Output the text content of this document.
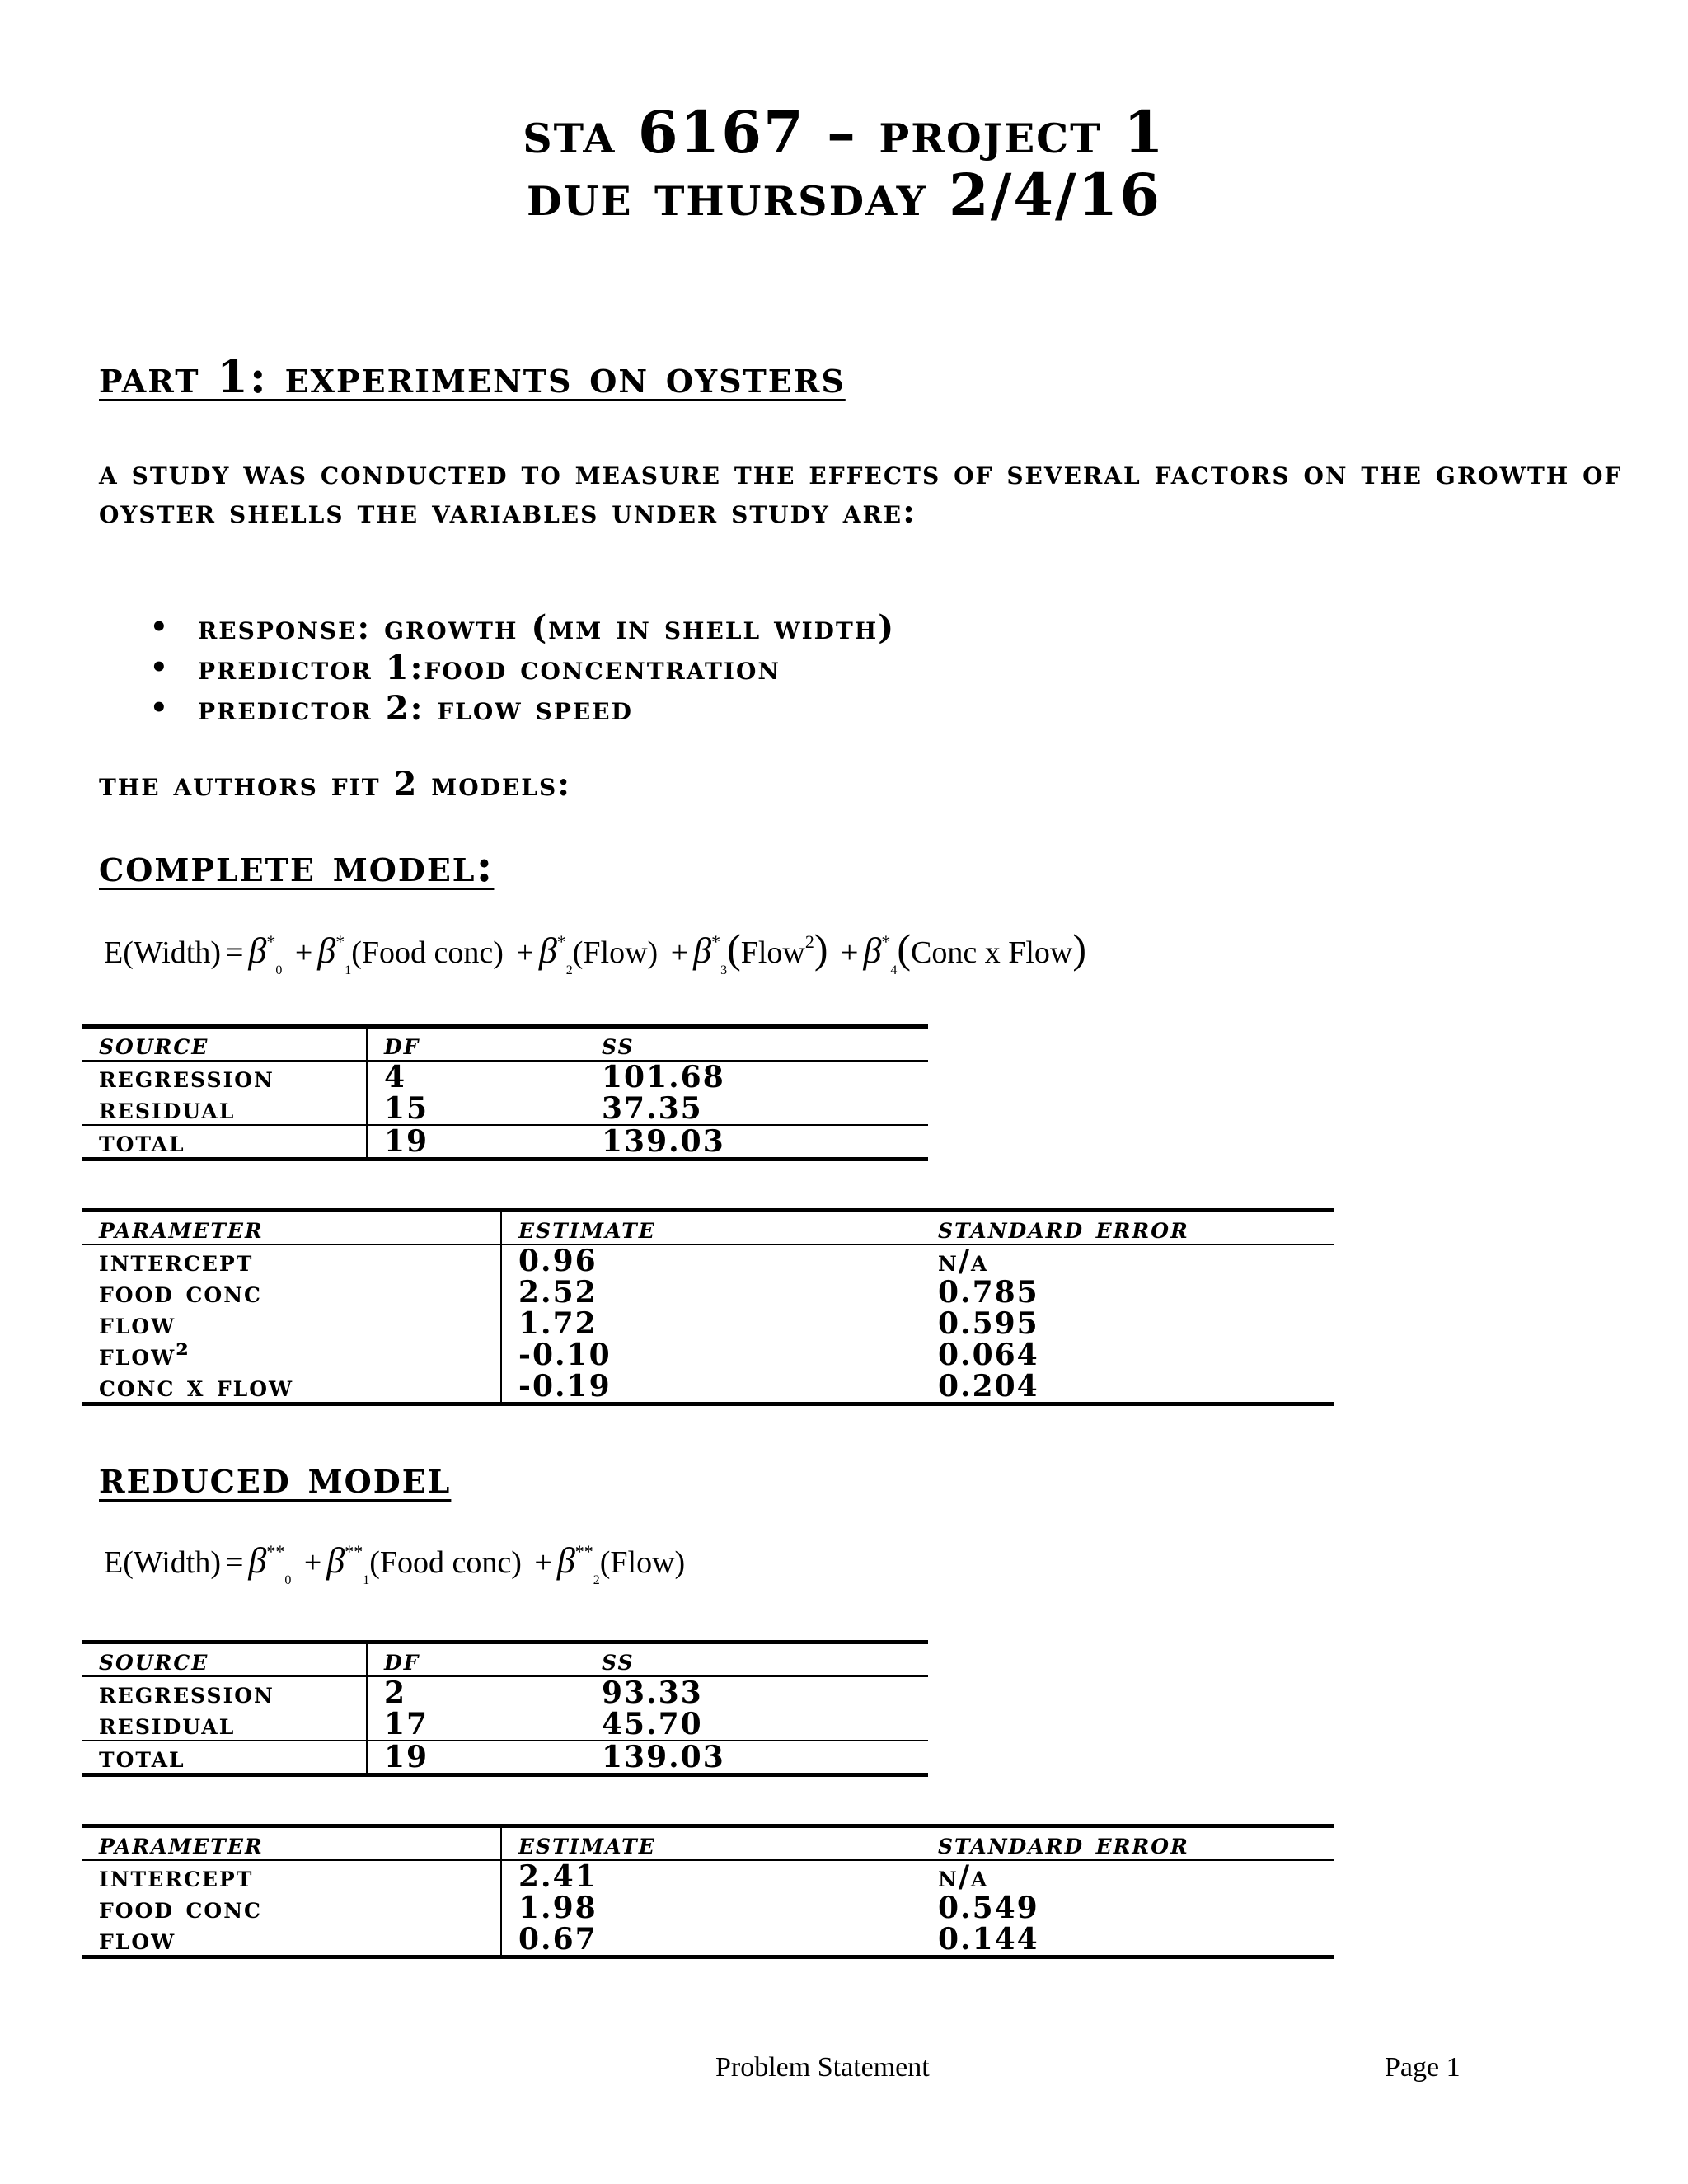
sta 6167 – project 1
due thursday 2/4/16
part 1: experiments on oysters
a study was conducted to measure the effects of several factors on the growth of oyster shells the variables under study are:
• response: growth (mm in shell width)
• predictor 1:food concentration
• predictor 2: flow speed
the authors fit 2 models:
complete model:
E(Width) = $\beta^*_0$ + $\beta^*_1(Food$ conc) + $\beta^*_2(Flow)$ + $\beta^*_3(Flow^2)$ + $\beta^*_4(Conc$ x Flow)
source	df	ss
regression	4	101.68
residual	15	37.35
total	19	139.03
parameter	estimate	standard error
intercept	0.96	n/a
food conc	2.52	0.785
flow	1.72	0.595
flow²	-0.10	0.064
conc x flow	-0.19	0.204
reduced model
E(Width) = $\beta^{**}_0$ + $\beta^{**}_1(Food$ conc) + $\beta^{**}_2(Flow)$
source	df	ss
regression	2	93.33
residual	17	45.70
total	19	139.03
parameter	estimate	standard error
intercept	2.41	n/a
food conc	1.98	0.549
flow	0.67	0.144
Problem Statement	Page 1
